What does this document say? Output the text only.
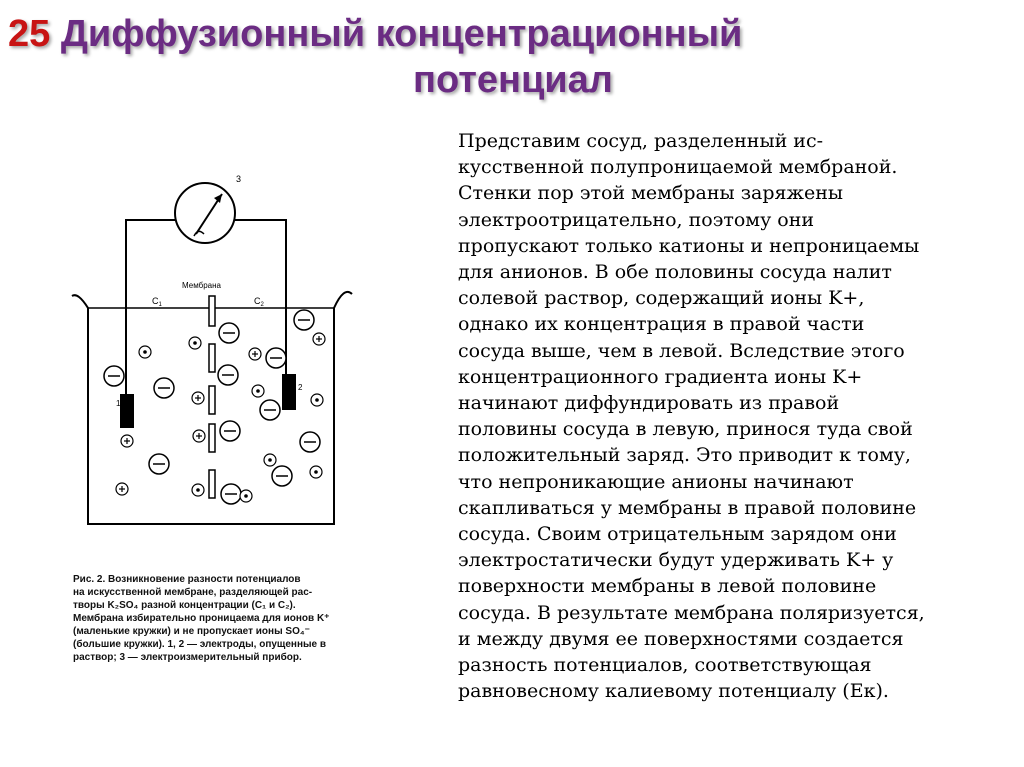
25 Диффузионный концентрационный
потенциал
3
Мембрана
$C_1$	$C_2$
1
2

Рис. 2. Возникновение разности потенциалов
на искусственной мембране, разделяющей рас-
творы K₂SO₄ разной концентрации (C₁ и C₂).
Мембрана избирательно проницаема для ионов K⁺
(маленькие кружки) и не пропускает ионы SO₄⁻
(большие кружки). 1, 2 — электроды, опущенные в
раствор; 3 — электроизмерительный прибор.

Представим сосуд, разделенный ис-
кусственной полупроницаемой мембраной.
Стенки пор этой мембраны заряжены
электроотрицательно, поэтому они
пропускают только катионы и непроницаемы
для анионов. В обе половины сосуда налит
солевой раствор, содержащий ионы K+,
однако их концентрация в правой части
сосуда выше, чем в левой. Вследствие этого
концентрационного градиента ионы K+
начинают диффундировать из правой
половины сосуда в левую, принося туда свой
положительный заряд. Это приводит к тому,
что непроникающие анионы начинают
скапливаться у мембраны в правой половине
сосуда. Своим отрицательным зарядом они
электростатически будут удерживать K+ у
поверхности мембраны в левой половине
сосуда. В результате мембрана поляризуется,
и между двумя ее поверхностями создается
разность потенциалов, соответствующая
равновесному калиевому потенциалу (Eк).
